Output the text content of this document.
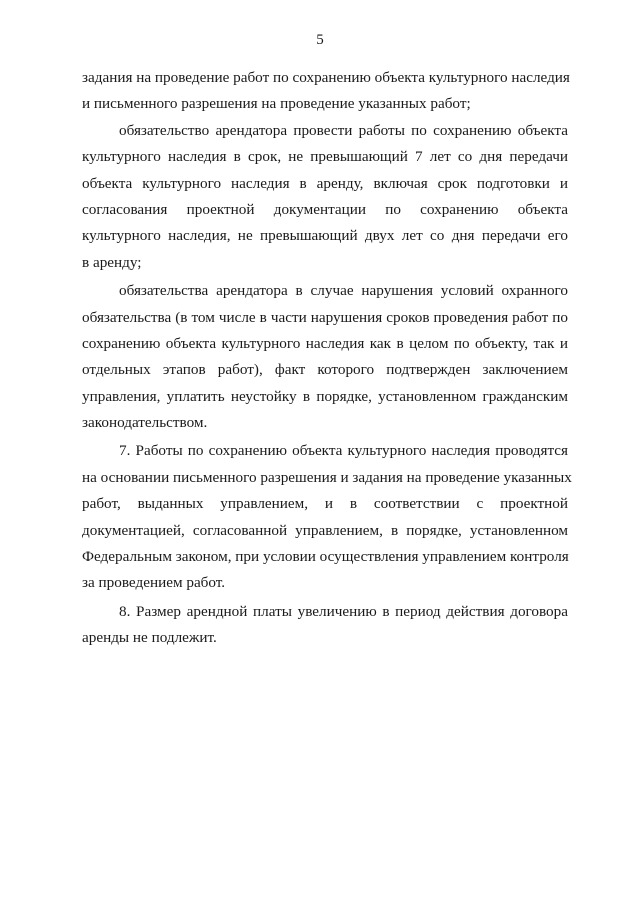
5
задания на проведение работ по сохранению объекта культурного наследия
и письменного разрешения на проведение указанных работ;
обязательство арендатора провести работы по сохранению объекта
культурного наследия в срок, не превышающий 7 лет со дня передачи
объекта культурного наследия в аренду, включая срок подготовки и
согласования проектной документации по сохранению объекта
культурного наследия, не превышающий двух лет со дня передачи его
в аренду;
обязательства арендатора в случае нарушения условий охранного
обязательства (в том числе в части нарушения сроков проведения работ по
сохранению объекта культурного наследия как в целом по объекту, так и
отдельных этапов работ), факт которого подтвержден заключением
управления, уплатить неустойку в порядке, установленном гражданским
законодательством.
7. Работы по сохранению объекта культурного наследия проводятся
на основании письменного разрешения и задания на проведение указанных
работ, выданных управлением, и в соответствии с проектной
документацией, согласованной управлением, в порядке, установленном
Федеральным законом, при условии осуществления управлением контроля
за проведением работ.
8. Размер арендной платы увеличению в период действия договора
аренды не подлежит.
